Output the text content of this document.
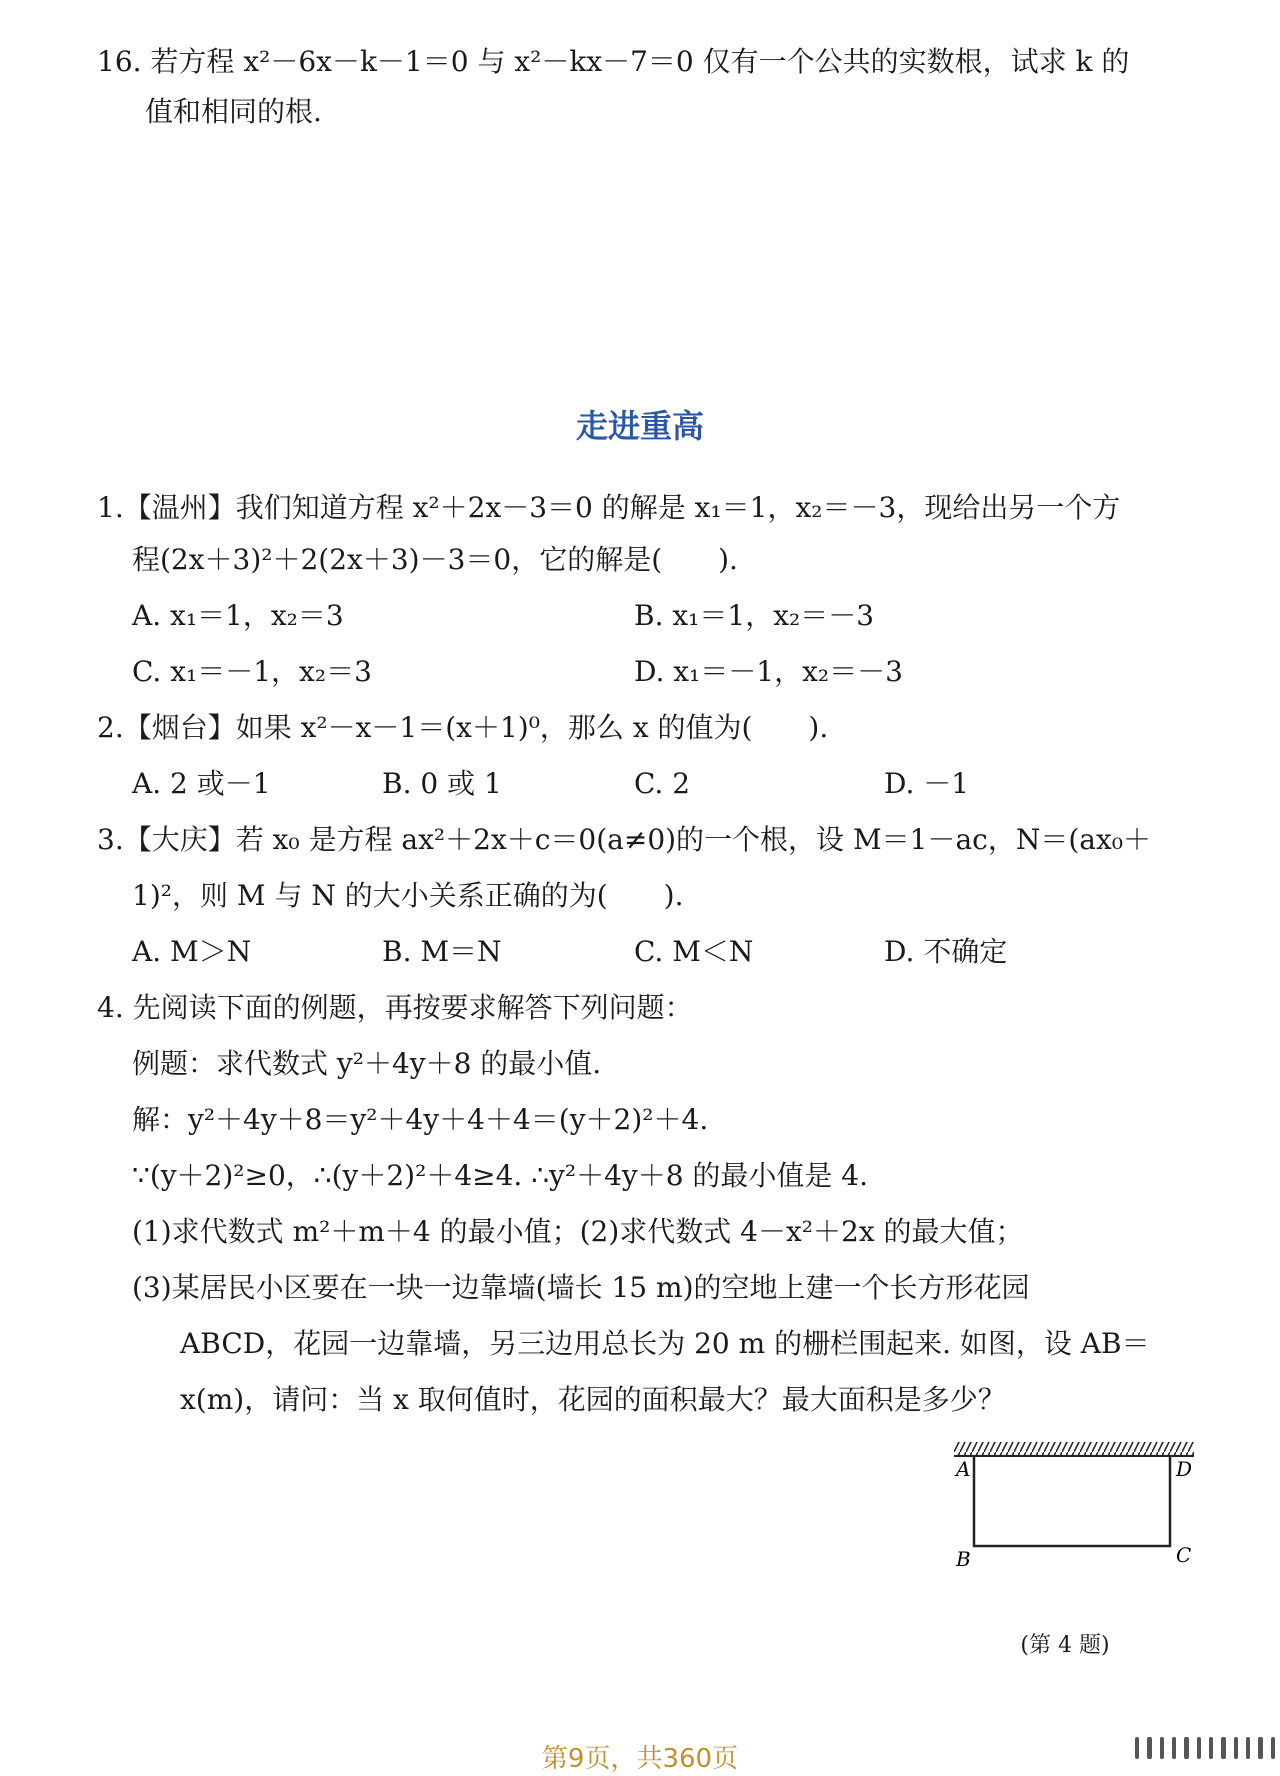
16. 若方程 x²－6x－k－1＝0 与 x²－kx－7＝0 仅有一个公共的实数根，试求 k 的
值和相同的根.
走进重高
1.【温州】我们知道方程 x²＋2x－3＝0 的解是 x₁＝1，x₂＝－3，现给出另一个方
程(2x＋3)²＋2(2x＋3)－3＝0，它的解是(　　).
A. x₁＝1，x₂＝3	B. x₁＝1，x₂＝－3
C. x₁＝－1，x₂＝3	D. x₁＝－1，x₂＝－3
2.【烟台】如果 x²－x－1＝(x＋1)⁰，那么 x 的值为(　　).
A. 2 或－1	B. 0 或 1	C. 2	D. －1
3.【大庆】若 x₀ 是方程 ax²＋2x＋c＝0(a≠0)的一个根，设 M＝1－ac，N＝(ax₀＋
1)²，则 M 与 N 的大小关系正确的为(　　).
A. M＞N	B. M＝N	C. M＜N	D. 不确定
4. 先阅读下面的例题，再按要求解答下列问题：
例题：求代数式 y²＋4y＋8 的最小值.
解：y²＋4y＋8＝y²＋4y＋4＋4＝(y＋2)²＋4.
∵(y＋2)²≥0，∴(y＋2)²＋4≥4. ∴y²＋4y＋8 的最小值是 4.
(1)求代数式 m²＋m＋4 的最小值；(2)求代数式 4－x²＋2x 的最大值；
(3)某居民小区要在一块一边靠墙(墙长 15 m)的空地上建一个长方形花园
ABCD，花园一边靠墙，另三边用总长为 20 m 的栅栏围起来. 如图，设 AB＝
x(m)，请问：当 x 取何值时，花园的面积最大？最大面积是多少？
A	D
B	C
(第 4 题)
第9页，共360页
